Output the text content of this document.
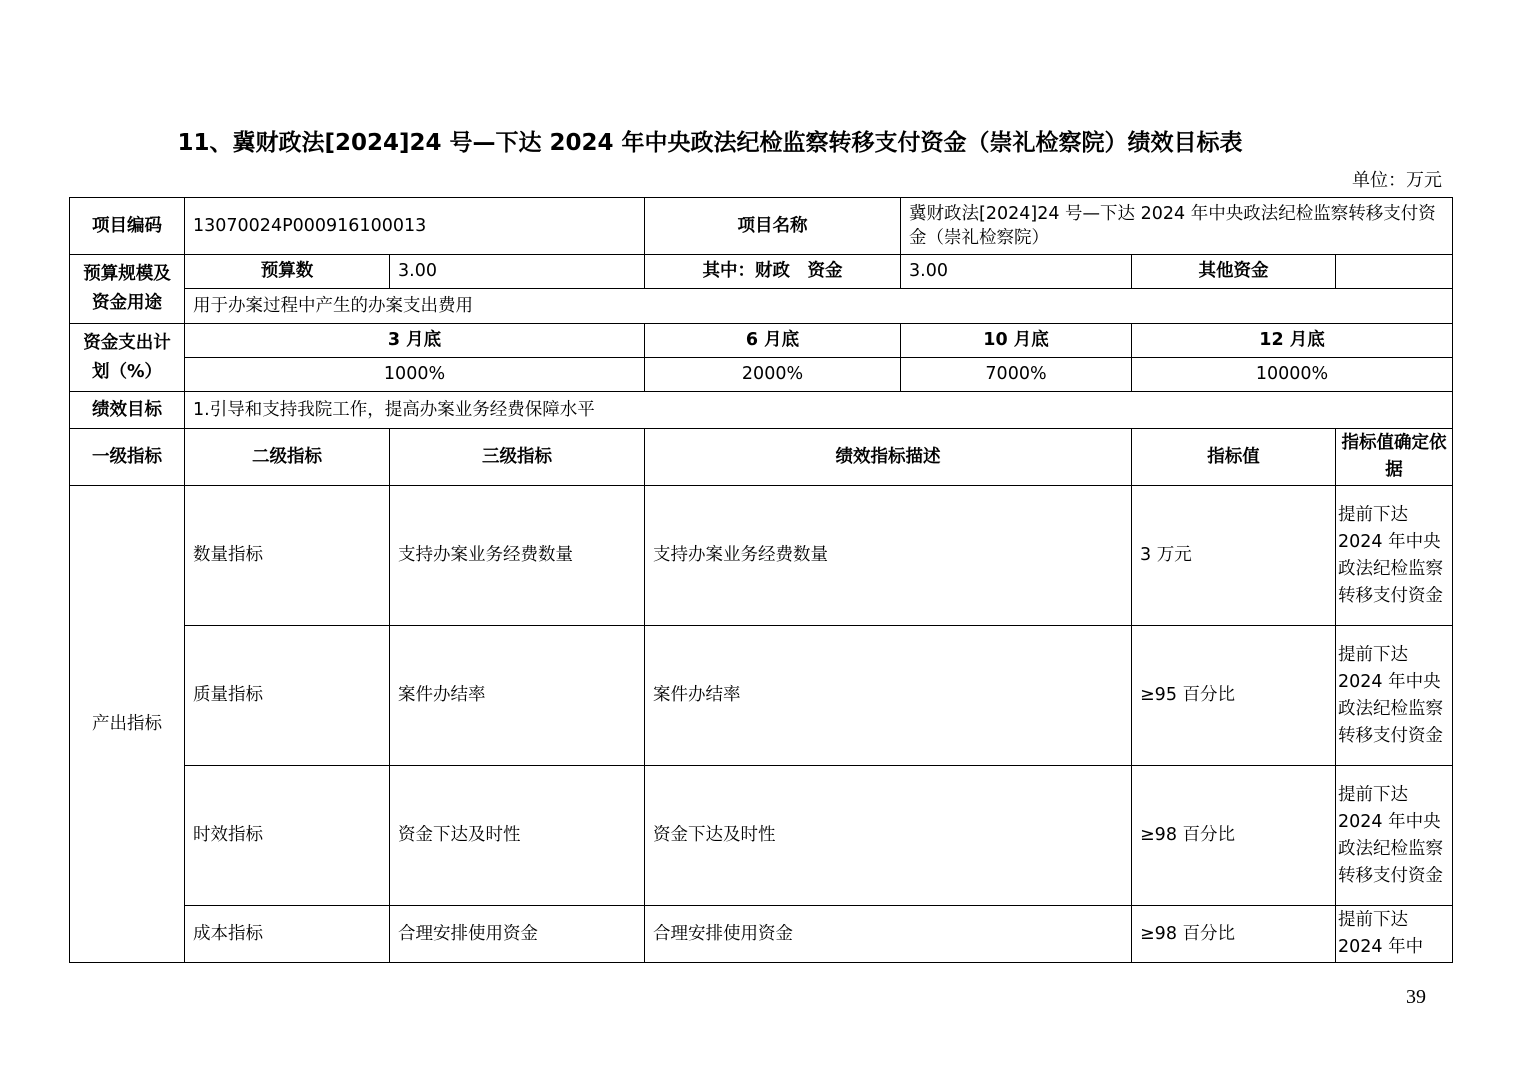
11、冀财政法[2024]24 号—下达 2024 年中央政法纪检监察转移支付资金（崇礼检察院）绩效目标表
单位：万元
项目编码	13070024P000916100013		项目名称	冀财政法[2024]24 号—下达 2024 年中央政法纪检监察转移支付资金（崇礼检察院）		
预算规模及资金用途	预算数	3.00	其中：财政　资金	3.00	其他资金	
	用于办案过程中产生的办案支出费用					
资金支出计划（%）	3 月底		6 月底	10 月底	12 月底	
	1000%		2000%	7000%	10000%	
绩效目标	1.引导和支持我院工作，提高办案业务经费保障水平					
一级指标	二级指标	三级指标	绩效指标描述		指标值	指标值确定依据
产出指标	数量指标	支持办案业务经费数量	支持办案业务经费数量		3 万元	提前下达 2024 年中央政法纪检监察转移支付资金
	质量指标	案件办结率	案件办结率		≥95 百分比	提前下达 2024 年中央政法纪检监察转移支付资金
	时效指标	资金下达及时性	资金下达及时性		≥98 百分比	提前下达 2024 年中央政法纪检监察转移支付资金
	成本指标	合理安排使用资金	合理安排使用资金		≥98 百分比	提前下达 2024 年中
39
